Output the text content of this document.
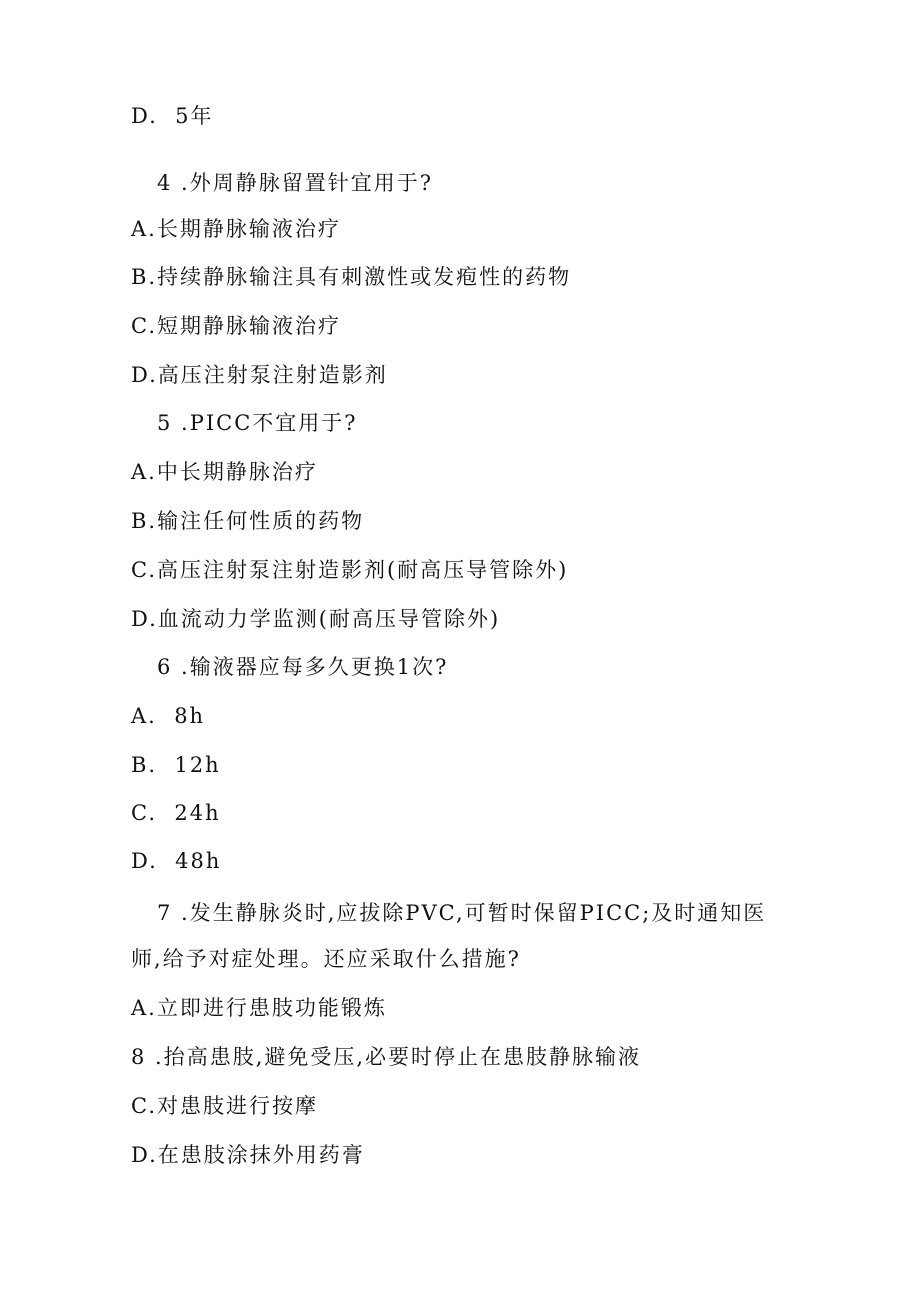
D.  5年
4 .外周静脉留置针宜用于?
A.长期静脉输液治疗
B.持续静脉输注具有刺激性或发疱性的药物
C.短期静脉输液治疗
D.高压注射泵注射造影剂
5 .PICC不宜用于?
A.中长期静脉治疗
B.输注任何性质的药物
C.高压注射泵注射造影剂(耐高压导管除外)
D.血流动力学监测(耐高压导管除外)
6 .输液器应每多久更换1次?
A.  8h
B.  12h
C.  24h
D.  48h
7 .发生静脉炎时,应拔除PVC,可暂时保留PICC;及时通知医
师,给予对症处理。还应采取什么措施?
A.立即进行患肢功能锻炼
8 .抬高患肢,避免受压,必要时停止在患肢静脉输液
C.对患肢进行按摩
D.在患肢涂抹外用药膏
